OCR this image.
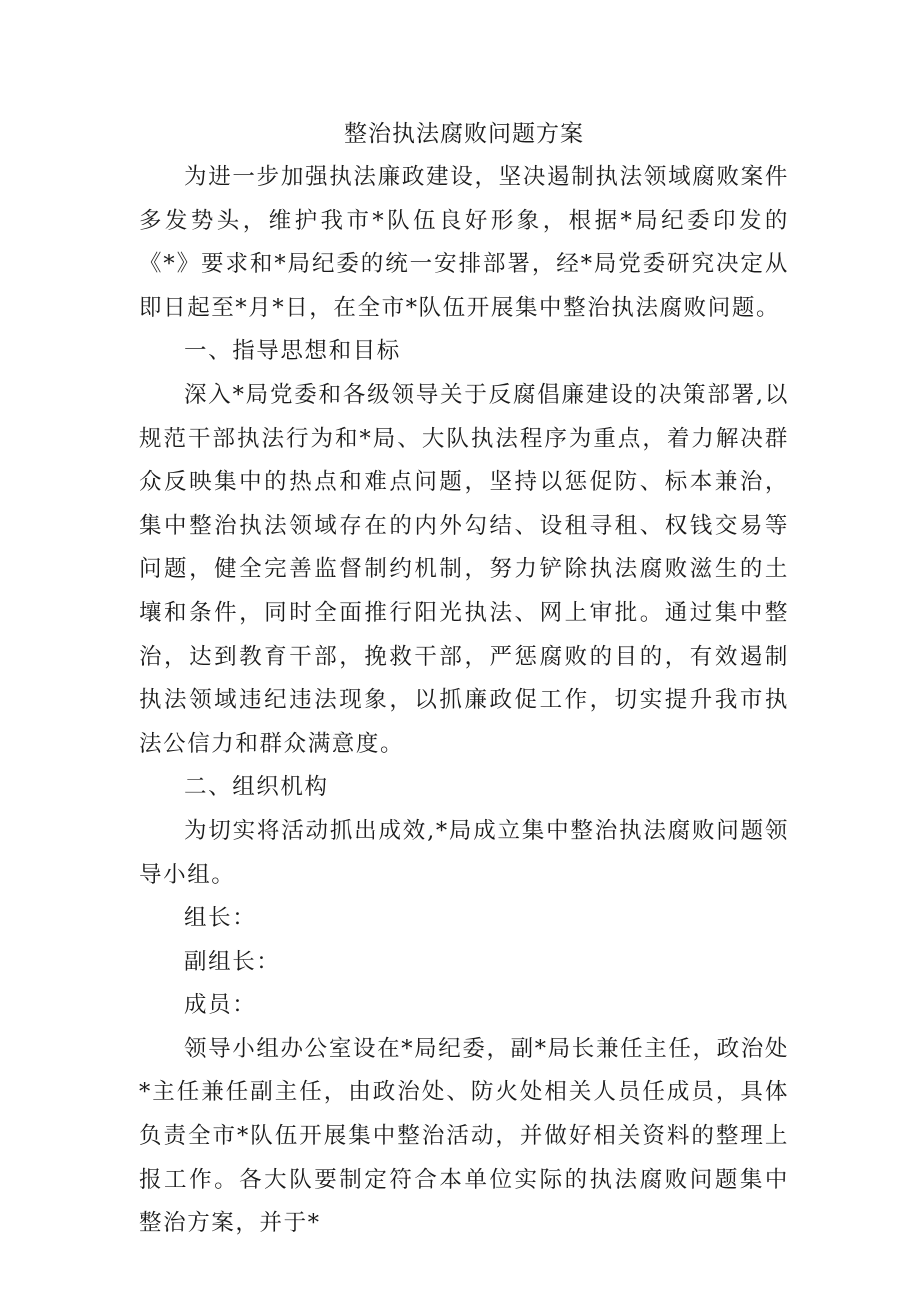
整治执法腐败问题方案

为进一步加强执法廉政建设，坚决遏制执法领域腐败案件多发势头，维护我市*队伍良好形象，根据*局纪委印发的《*》要求和*局纪委的统一安排部署，经*局党委研究决定从即日起至*月*日，在全市*队伍开展集中整治执法腐败问题。

一、指导思想和目标

深入*局党委和各级领导关于反腐倡廉建设的决策部署,以规范干部执法行为和*局、大队执法程序为重点，着力解决群众反映集中的热点和难点问题，坚持以惩促防、标本兼治，集中整治执法领域存在的内外勾结、设租寻租、权钱交易等问题，健全完善监督制约机制，努力铲除执法腐败滋生的土壤和条件，同时全面推行阳光执法、网上审批。通过集中整治，达到教育干部，挽救干部，严惩腐败的目的，有效遏制执法领域违纪违法现象，以抓廉政促工作，切实提升我市执法公信力和群众满意度。

二、组织机构

为切实将活动抓出成效,*局成立集中整治执法腐败问题领导小组。

组长：

副组长：

成员：

领导小组办公室设在*局纪委，副*局长兼任主任，政治处*主任兼任副主任，由政治处、防火处相关人员任成员，具体负责全市*队伍开展集中整治活动，并做好相关资料的整理上报工作。各大队要制定符合本单位实际的执法腐败问题集中整治方案，并于*
